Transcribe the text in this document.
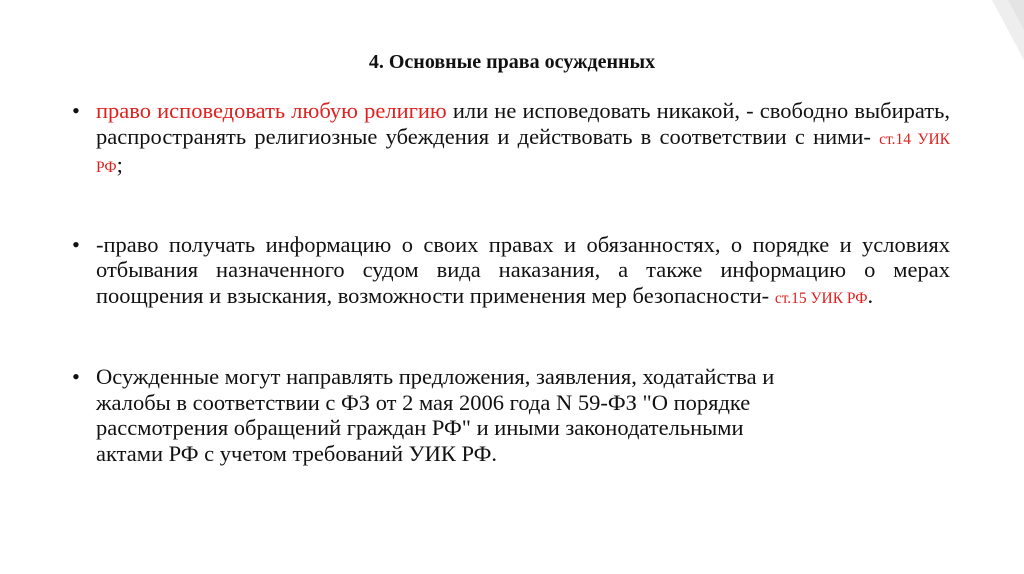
4. Основные права осужденных
• право исповедовать любую религию или не исповедовать никакой, - свободно выбирать, распространять религиозные убеждения и действовать в соответствии с ними- ст.14 УИК РФ;
• -право получать информацию о своих правах и обязанностях, о порядке и условиях отбывания назначенного судом вида наказания, а также информацию о мерах поощрения и взыскания, возможности применения мер безопасности- ст.15 УИК РФ.
• Осужденные могут направлять предложения, заявления, ходатайства и
жалобы в соответствии с ФЗ от 2 мая 2006 года N 59-ФЗ "О порядке
рассмотрения обращений граждан РФ" и иными законодательными
актами РФ с учетом требований УИК РФ.
